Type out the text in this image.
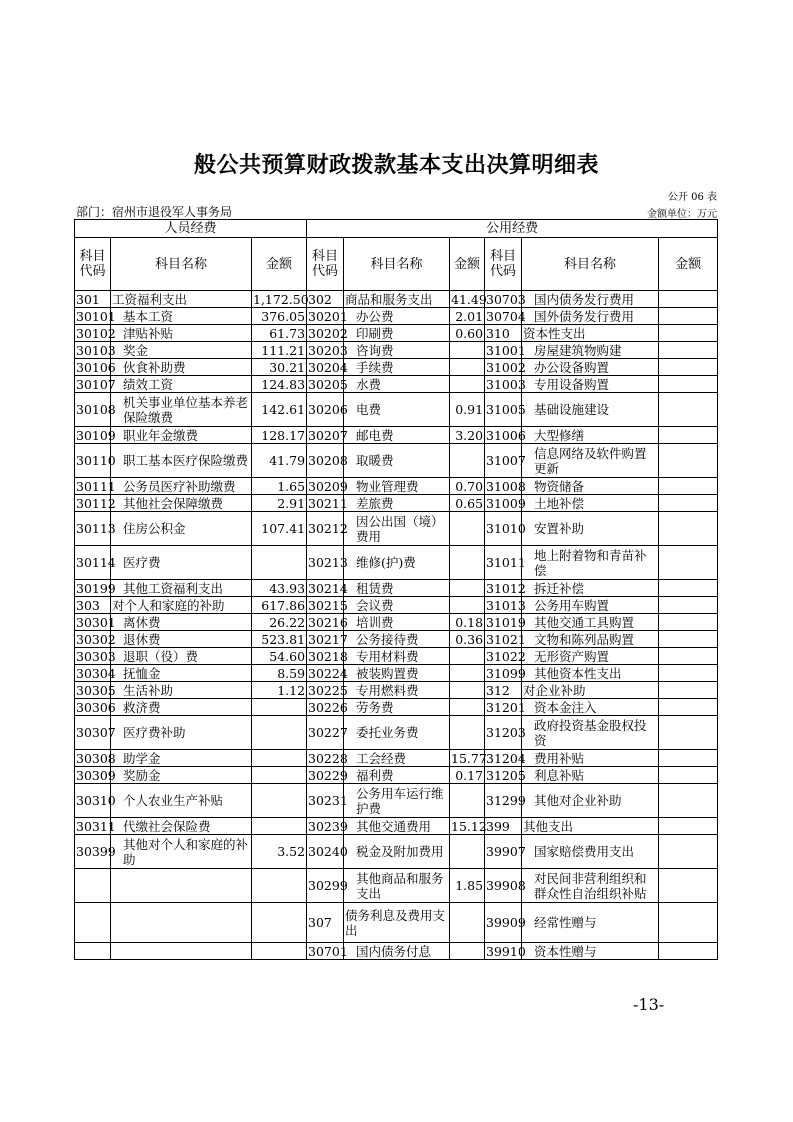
般公共预算财政拨款基本支出决算明细表
公开 06 表
部门：宿州市退役军人事务局	金额单位：万元
人员经费			公用经费					
科目代码	科目名称	金额	科目代码	科目名称	金额	科目代码	科目名称	金额
301	工资福利支出	1,172.50	302	商品和服务支出	41.49	30703	国内债务发行费用	
30101	基本工资	376.05	30201	办公费	2.01	30704	国外债务发行费用	
30102	津贴补贴	61.73	30202	印刷费	0.60	310	资本性支出	
30103	奖金	111.21	30203	咨询费		31001	房屋建筑物购建	
30106	伙食补助费	30.21	30204	手续费		31002	办公设备购置	
30107	绩效工资	124.83	30205	水费		31003	专用设备购置	
30108	机关事业单位基本养老保险缴费	142.61	30206	电费	0.91	31005	基础设施建设	
30109	职业年金缴费	128.17	30207	邮电费	3.20	31006	大型修缮	
30110	职工基本医疗保险缴费	41.79	30208	取暖费		31007	信息网络及软件购置更新	
30111	公务员医疗补助缴费	1.65	30209	物业管理费	0.70	31008	物资储备	
30112	其他社会保障缴费	2.91	30211	差旅费	0.65	31009	土地补偿	
30113	住房公积金	107.41	30212	因公出国（境）费用		31010	安置补助	
30114	医疗费		30213	维修(护)费		31011	地上附着物和青苗补偿	
30199	其他工资福利支出	43.93	30214	租赁费		31012	拆迁补偿	
303	对个人和家庭的补助	617.86	30215	会议费		31013	公务用车购置	
30301	离休费	26.22	30216	培训费	0.18	31019	其他交通工具购置	
30302	退休费	523.81	30217	公务接待费	0.36	31021	文物和陈列品购置	
30303	退职（役）费	54.60	30218	专用材料费		31022	无形资产购置	
30304	抚恤金	8.59	30224	被装购置费		31099	其他资本性支出	
30305	生活补助	1.12	30225	专用燃料费		312	对企业补助	
30306	救济费		30226	劳务费		31201	资本金注入	
30307	医疗费补助		30227	委托业务费		31203	政府投资基金股权投资	
30308	助学金		30228	工会经费	15.77	31204	费用补贴	
30309	奖励金		30229	福利费	0.17	31205	利息补贴	
30310	个人农业生产补贴		30231	公务用车运行维护费		31299	其他对企业补助	
30311	代缴社会保险费		30239	其他交通费用	15.12	399	其他支出	
30399	其他对个人和家庭的补助	3.52	30240	税金及附加费用		39907	国家赔偿费用支出	
			30299	其他商品和服务支出	1.85	39908	对民间非营利组织和群众性自治组织补贴	
			307	债务利息及费用支出		39909	经常性赠与	
			30701	国内债务付息		39910	资本性赠与	
-13-
